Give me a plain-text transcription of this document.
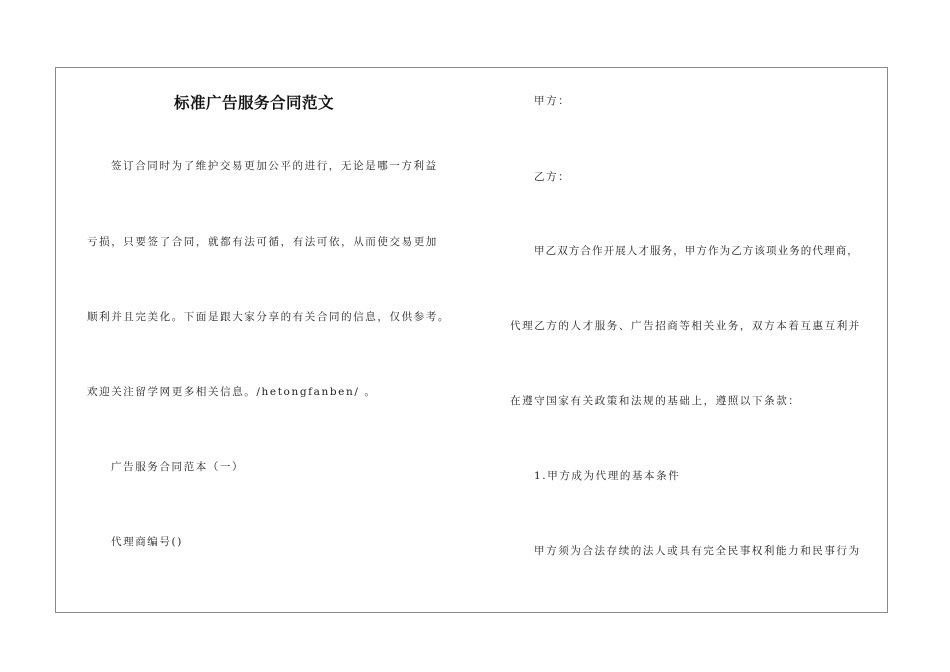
标准广告服务合同范文
签订合同时为了维护交易更加公平的进行，无论是哪一方利益
亏损，只要签了合同，就都有法可循，有法可依，从而使交易更加
顺利并且完美化。下面是跟大家分享的有关合同的信息，仅供参考。
欢迎关注留学网更多相关信息。/hetongfanben/ 。
广告服务合同范本（一）
代理商编号()
甲方：
乙方：
甲乙双方合作开展人才服务，甲方作为乙方该项业务的代理商，
代理乙方的人才服务、广告招商等相关业务，双方本着互惠互利并
在遵守国家有关政策和法规的基础上，遵照以下条款：
1.甲方成为代理的基本条件
甲方须为合法存续的法人或具有完全民事权利能力和民事行为
